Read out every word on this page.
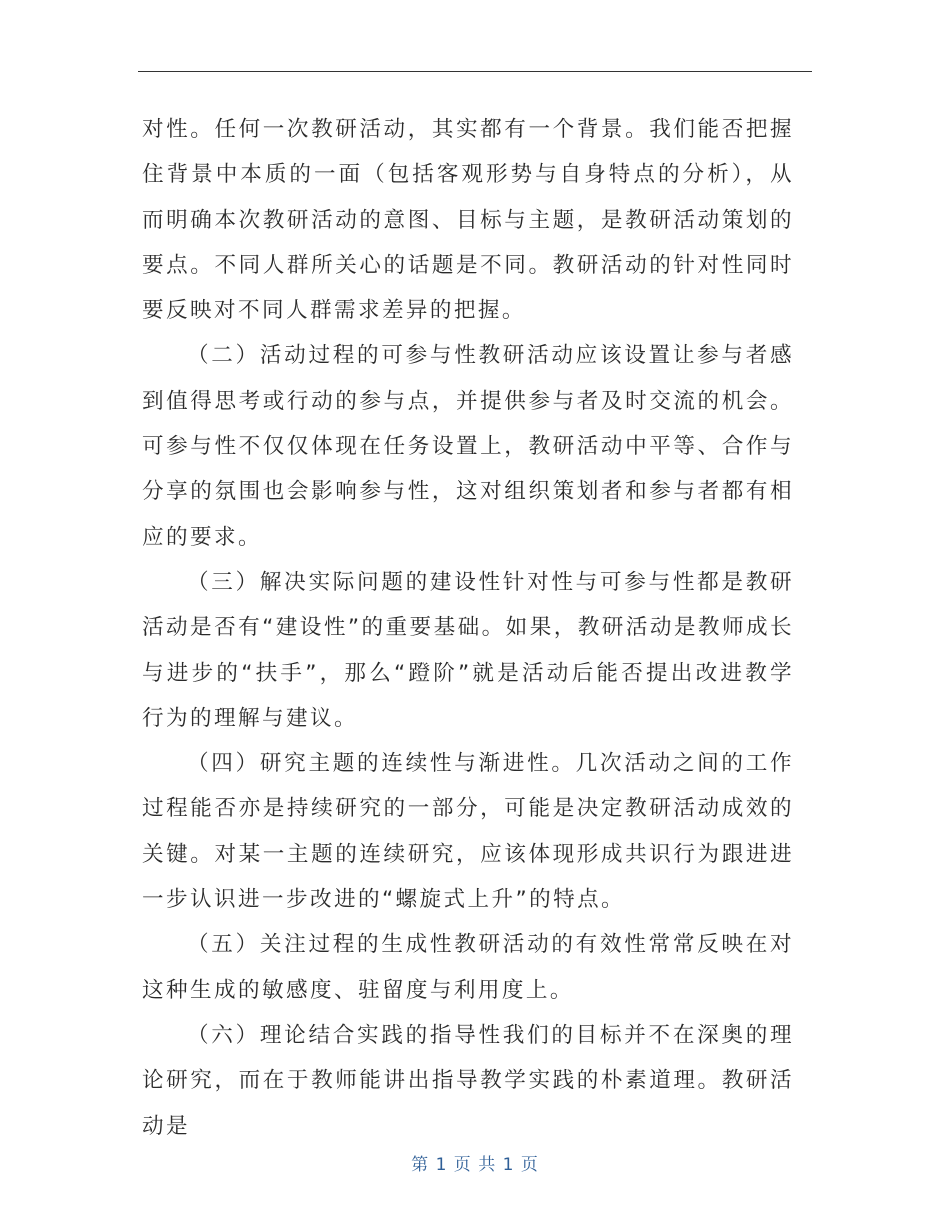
对性。任何一次教研活动，其实都有一个背景。我们能否把握住背景中本质的一面（包括客观形势与自身特点的分析），从而明确本次教研活动的意图、目标与主题，是教研活动策划的要点。不同人群所关心的话题是不同。教研活动的针对性同时要反映对不同人群需求差异的把握。

（二）活动过程的可参与性教研活动应该设置让参与者感到值得思考或行动的参与点，并提供参与者及时交流的机会。可参与性不仅仅体现在任务设置上，教研活动中平等、合作与分享的氛围也会影响参与性，这对组织策划者和参与者都有相应的要求。

（三）解决实际问题的建设性针对性与可参与性都是教研活动是否有“建设性”的重要基础。如果，教研活动是教师成长与进步的“扶手”，那么“蹬阶”就是活动后能否提出改进教学行为的理解与建议。

（四）研究主题的连续性与渐进性。几次活动之间的工作过程能否亦是持续研究的一部分，可能是决定教研活动成效的关键。对某一主题的连续研究，应该体现形成共识行为跟进进一步认识进一步改进的“螺旋式上升”的特点。

（五）关注过程的生成性教研活动的有效性常常反映在对这种生成的敏感度、驻留度与利用度上。

（六）理论结合实践的指导性我们的目标并不在深奥的理论研究，而在于教师能讲出指导教学实践的朴素道理。教研活动是

第 1 页 共 1 页
